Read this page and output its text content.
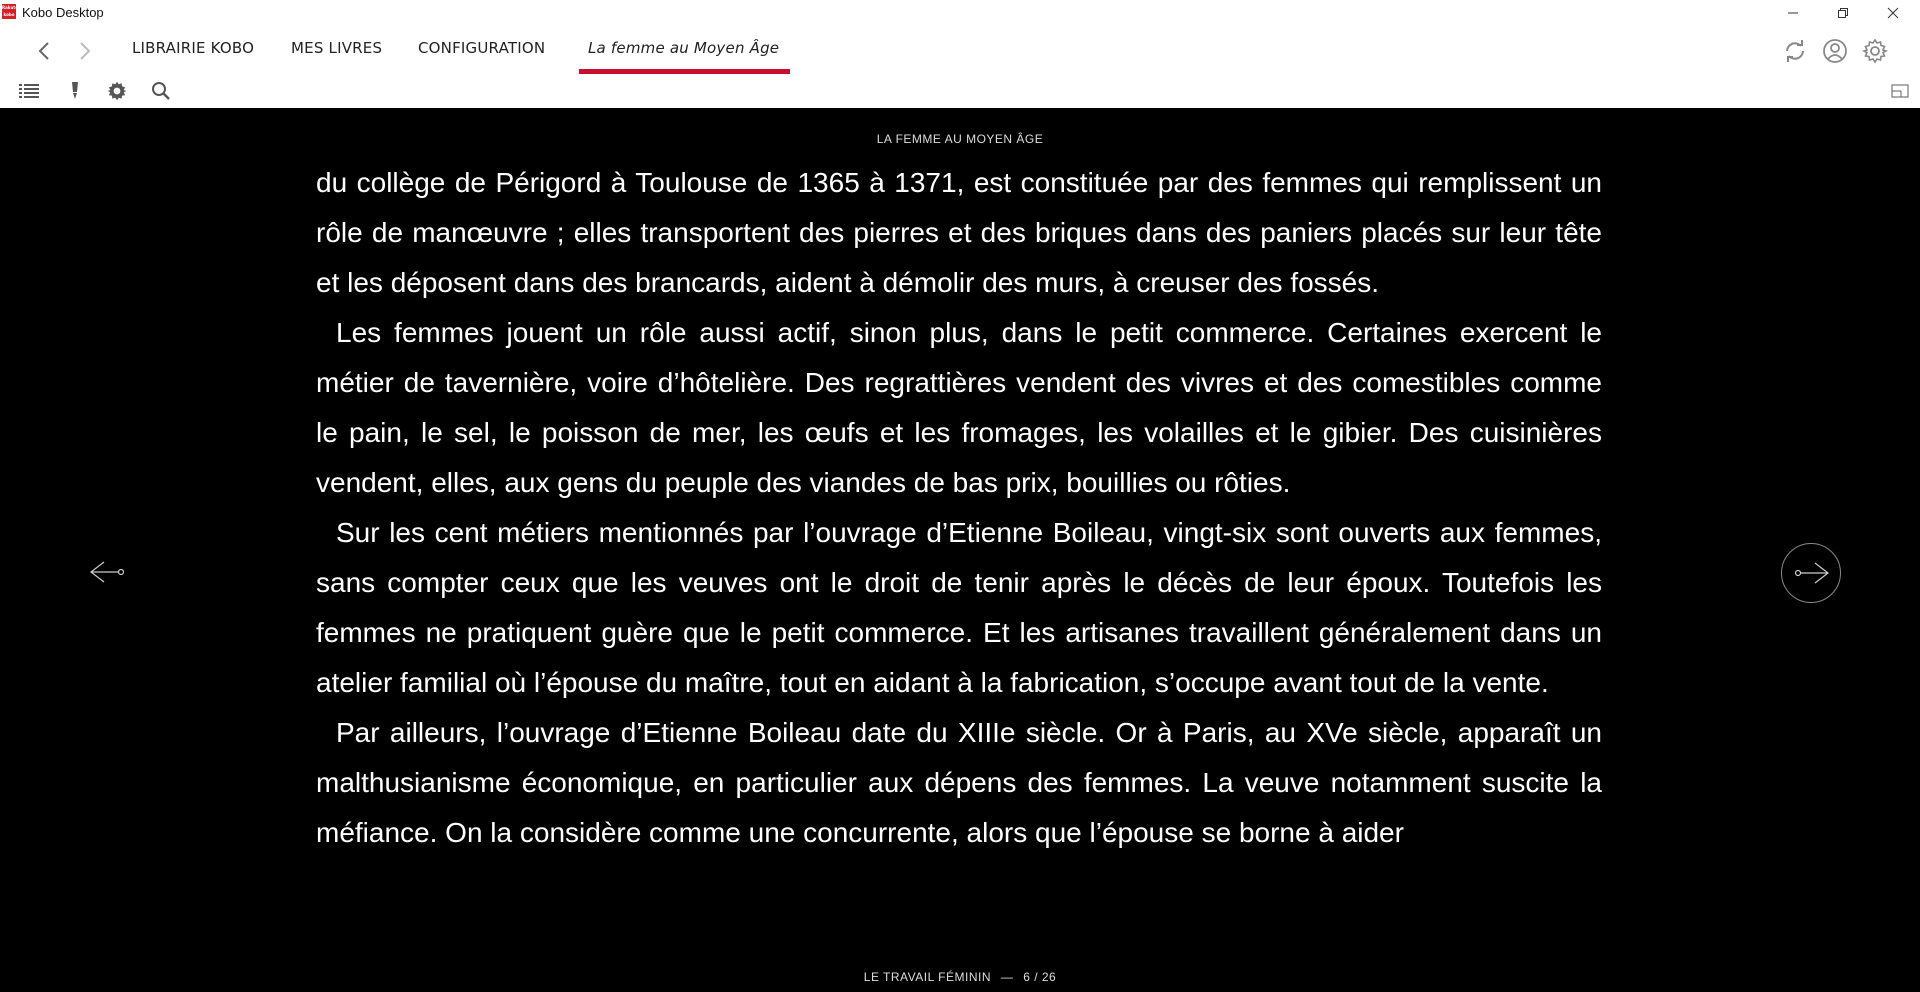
Rakuten kobo Kobo Desktop
LIBRAIRIE KOBO MES LIVRES CONFIGURATION	La femme au Moyen Âge
LA FEMME AU MOYEN ÂGE

du collège de Périgord à Toulouse de 1365 à 1371, est constituée par des femmes qui remplissent un rôle de manœuvre ; elles transportent des pierres et des briques dans des paniers placés sur leur tête et les déposent dans des brancards, aident à démolir des murs, à creuser des fossés.

Les femmes jouent un rôle aussi actif, sinon plus, dans le petit commerce. Certaines exercent le métier de tavernière, voire d’hôtelière. Des regrattières vendent des vivres et des comestibles comme le pain, le sel, le poisson de mer, les œufs et les fromages, les volailles et le gibier. Des cuisinières vendent, elles, aux gens du peuple des viandes de bas prix, bouillies ou rôties.

Sur les cent métiers mentionnés par l’ouvrage d’Etienne Boileau, vingt-six sont ouverts aux femmes, sans compter ceux que les veuves ont le droit de tenir après le décès de leur époux. Toutefois les femmes ne pratiquent guère que le petit commerce. Et les artisanes travaillent généralement dans un atelier familial où l’épouse du maître, tout en aidant à la fabrication, s’occupe avant tout de la vente.

Par ailleurs, l’ouvrage d’Etienne Boileau date du XIIIe siècle. Or à Paris, au XVe siècle, apparaît un malthusianisme économique, en particulier aux dépens des femmes. La veuve notamment suscite la méfiance. On la considère comme une concurrente, alors que l’épouse se borne à aider

LE TRAVAIL FÉMININ — 6 / 26
